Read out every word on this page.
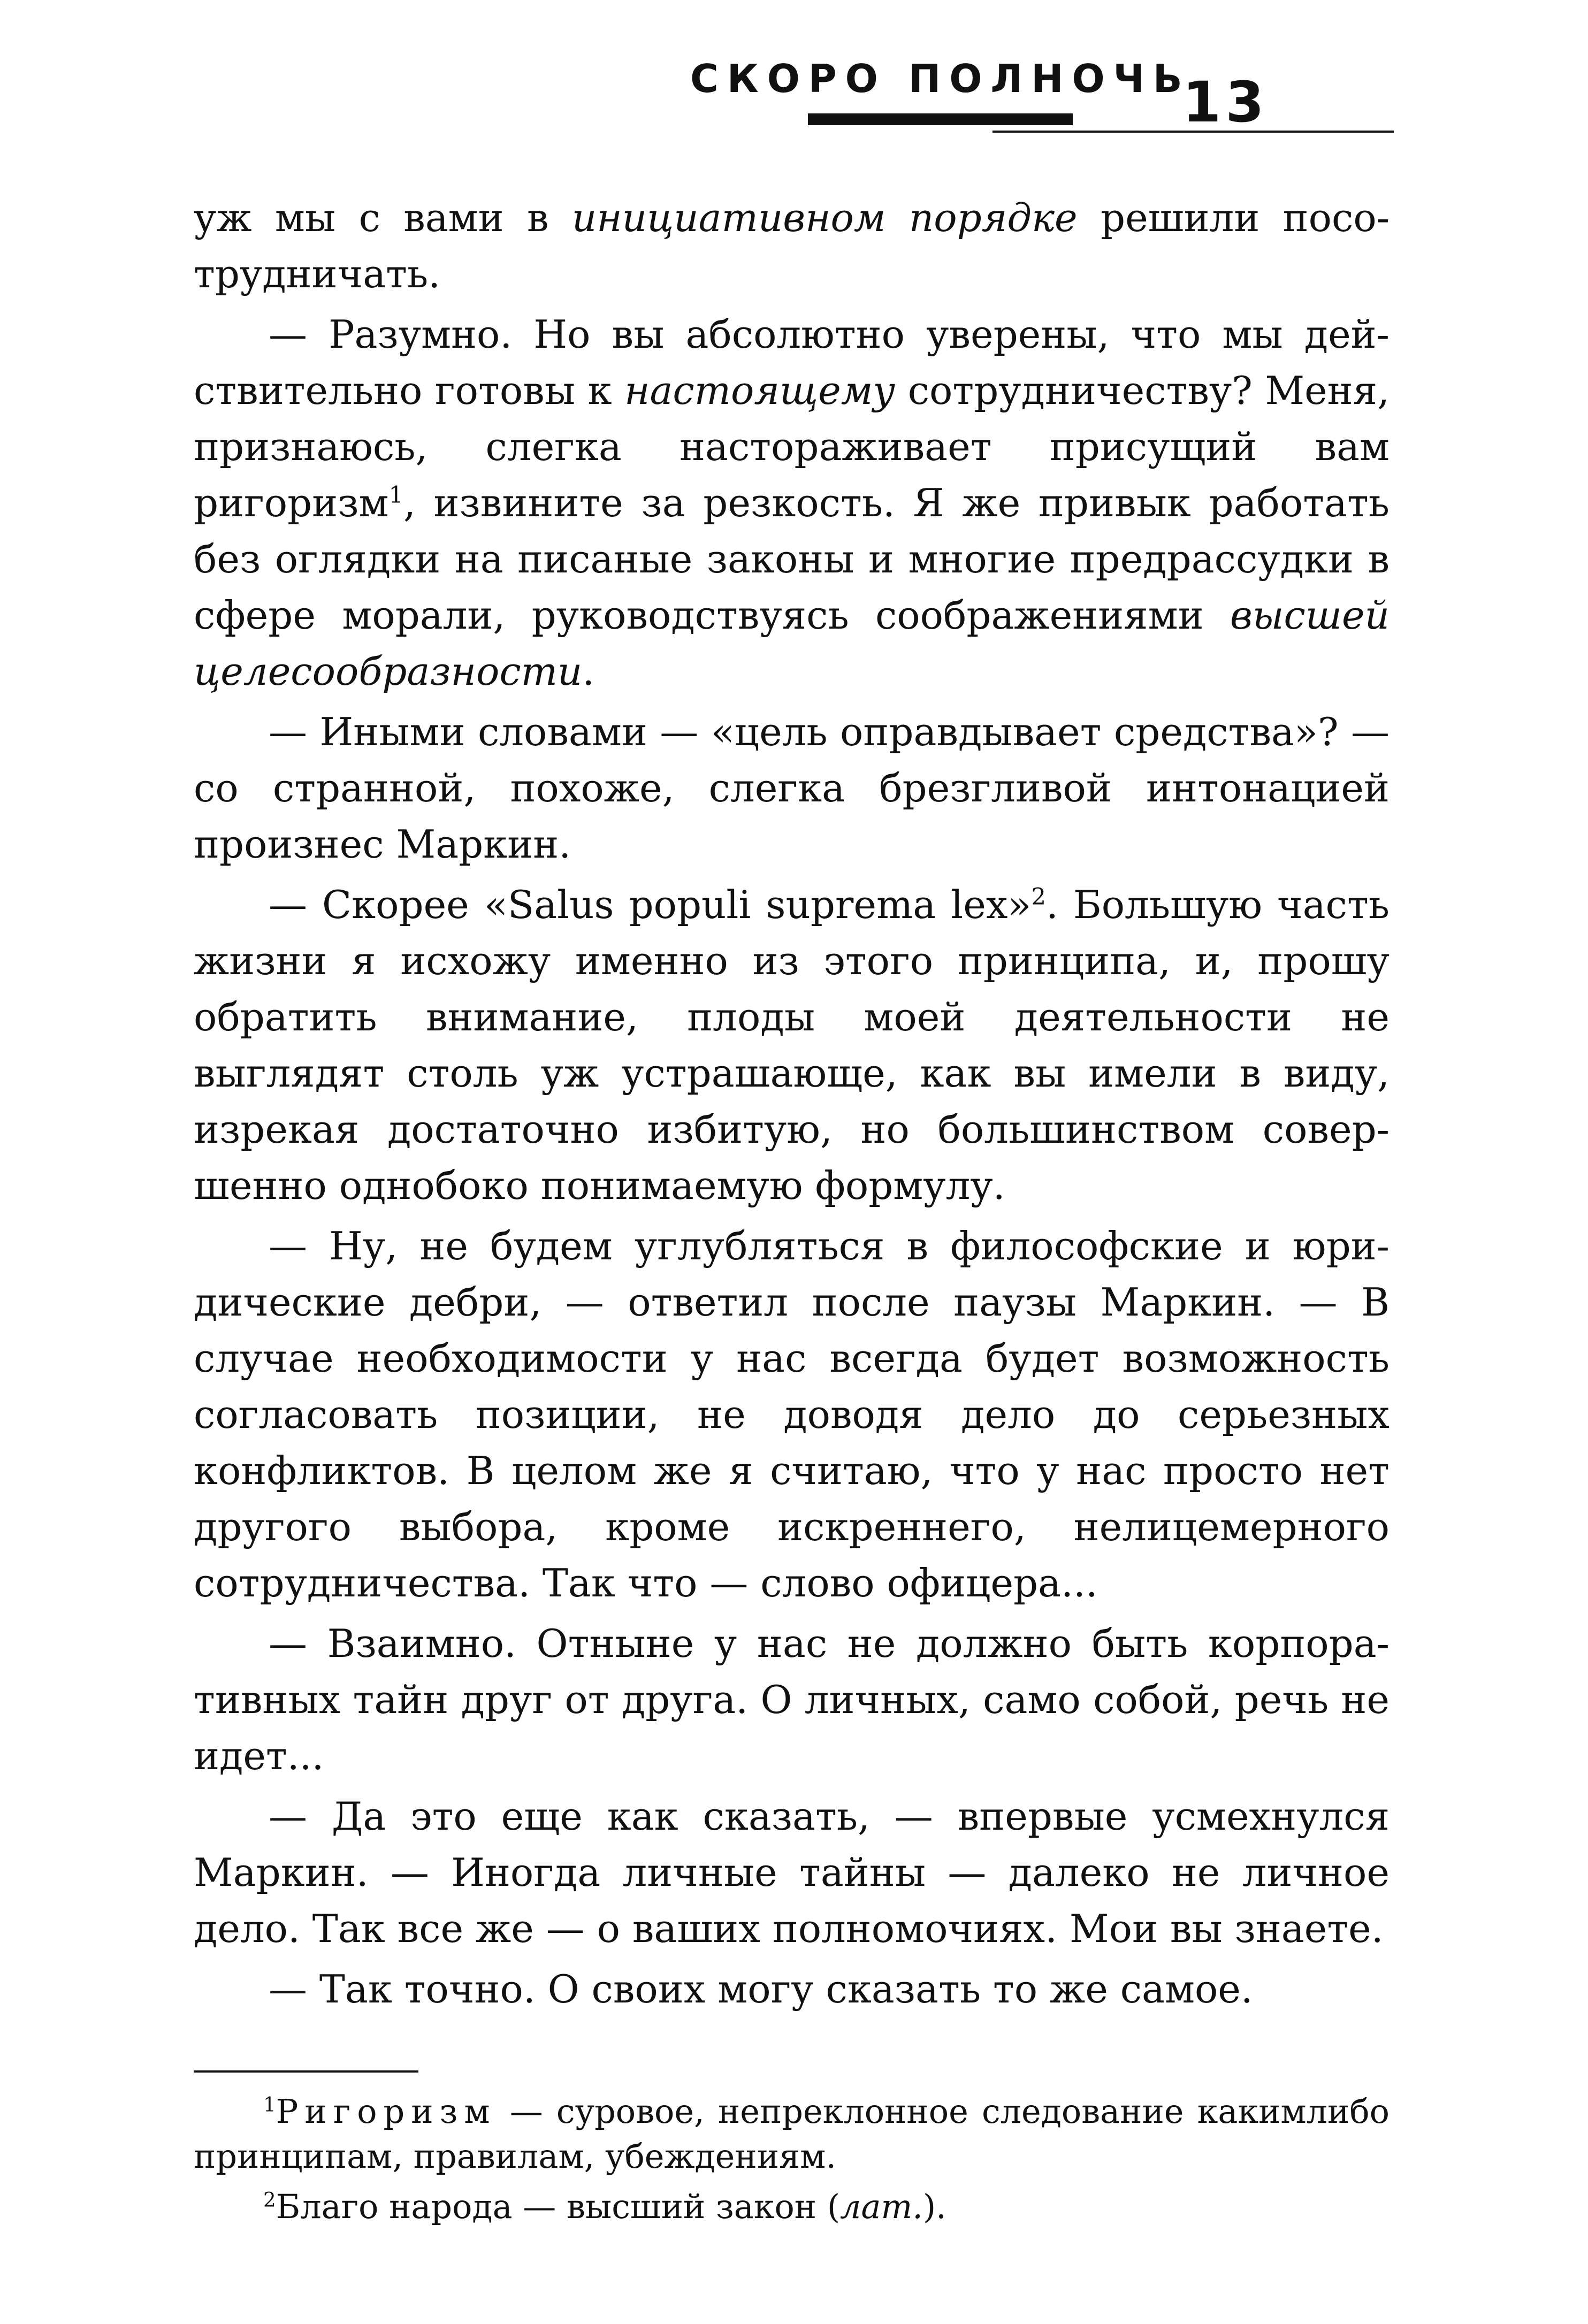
СКОРО ПОЛНОЧЬ
13

уж мы с вами в инициативном порядке решили посотрудничать.

— Разумно. Но вы абсолютно уверены, что мы действительно готовы к настоящему сотрудничеству? Меня, признаюсь, слегка настораживает присущий вам ригоризм$^1$, извините за резкость. Я же привык работать без оглядки на писаные законы и многие предрассудки в сфере морали, руководствуясь соображениями высшей целесообразности.

— Иными словами — «цель оправдывает средства»? — со странной, похоже, слегка брезгливой интонацией произнес Маркин.

— Скорее «Salus populi suprema lex»$^2$. Большую часть жизни я исхожу именно из этого принципа, и, прошу обратить внимание, плоды моей деятельности не выглядят столь уж устрашающе, как вы имели в виду, изрекая достаточно избитую, но большинством совершенно однобоко понимаемую формулу.

— Ну, не будем углубляться в философские и юридические дебри, — ответил после паузы Маркин. — В случае необходимости у нас всегда будет возможность согласовать позиции, не доводя дело до серьезных конфликтов. В целом же я считаю, что у нас просто нет другого выбора, кроме искреннего, нелицемерного сотрудничества. Так что — слово офицера...

— Взаимно. Отныне у нас не должно быть корпоративных тайн друг от друга. О личных, само собой, речь не идет...

— Да это еще как сказать, — впервые усмехнулся Маркин. — Иногда личные тайны — далеко не личное дело. Так все же — о ваших полномочиях. Мои вы знаете.

— Так точно. О своих могу сказать то же самое.

$^1$Ригоризм — суровое, непреклонное следование какимлибо принципам, правилам, убеждениям.

$^2$Благо народа — высший закон (лат.).
